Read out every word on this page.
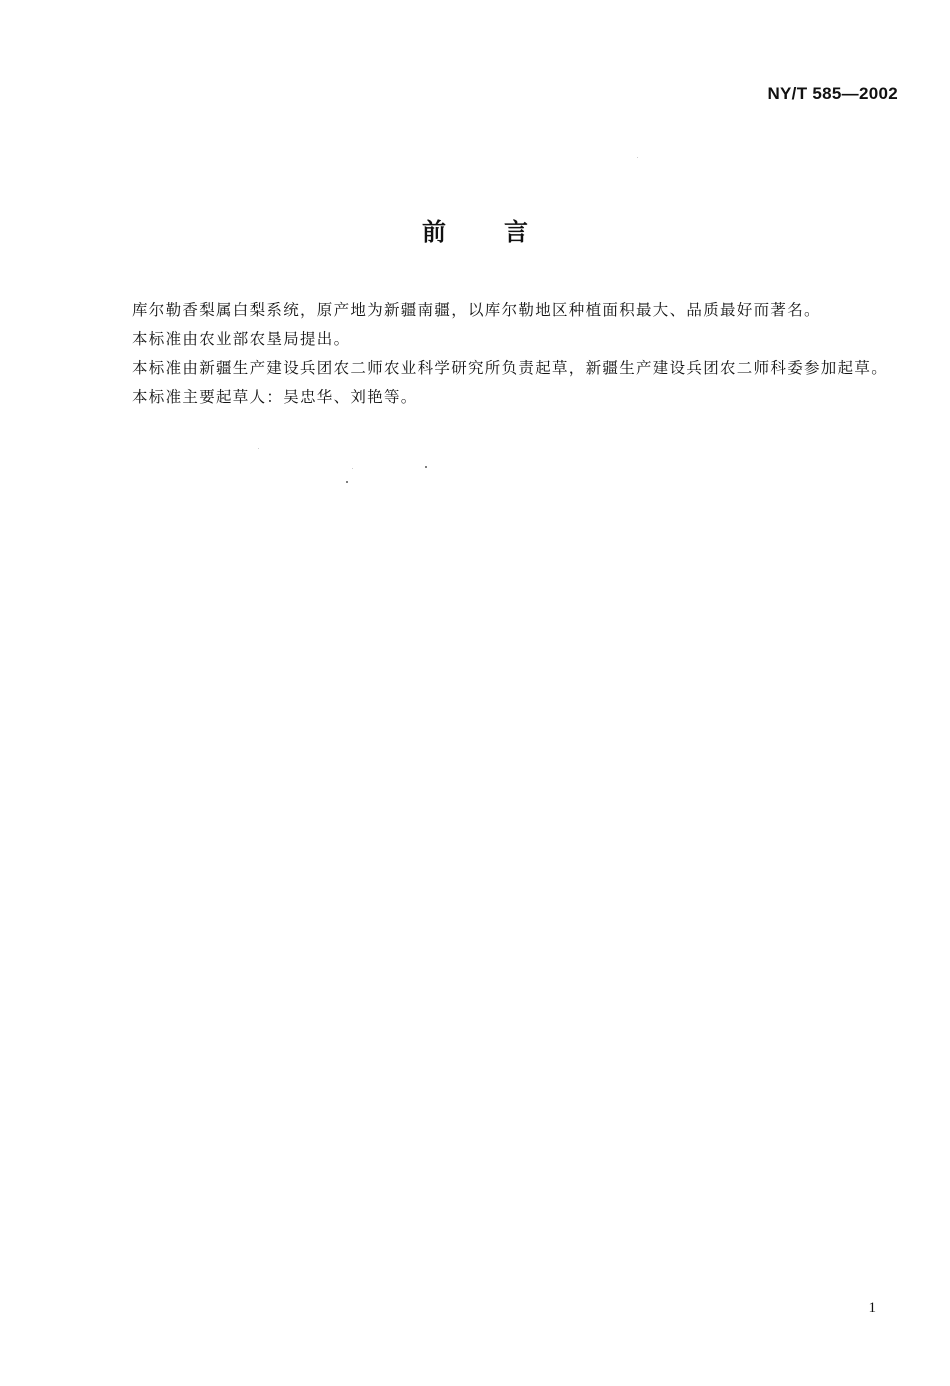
NY/T 585—2002
前言

库尔勒香梨属白梨系统，原产地为新疆南疆，以库尔勒地区种植面积最大、品质最好而著名。

本标准由农业部农垦局提出。

本标准由新疆生产建设兵团农二师农业科学研究所负责起草，新疆生产建设兵团农二师科委参加起草。

本标准主要起草人：吴忠华、刘艳等。

1
